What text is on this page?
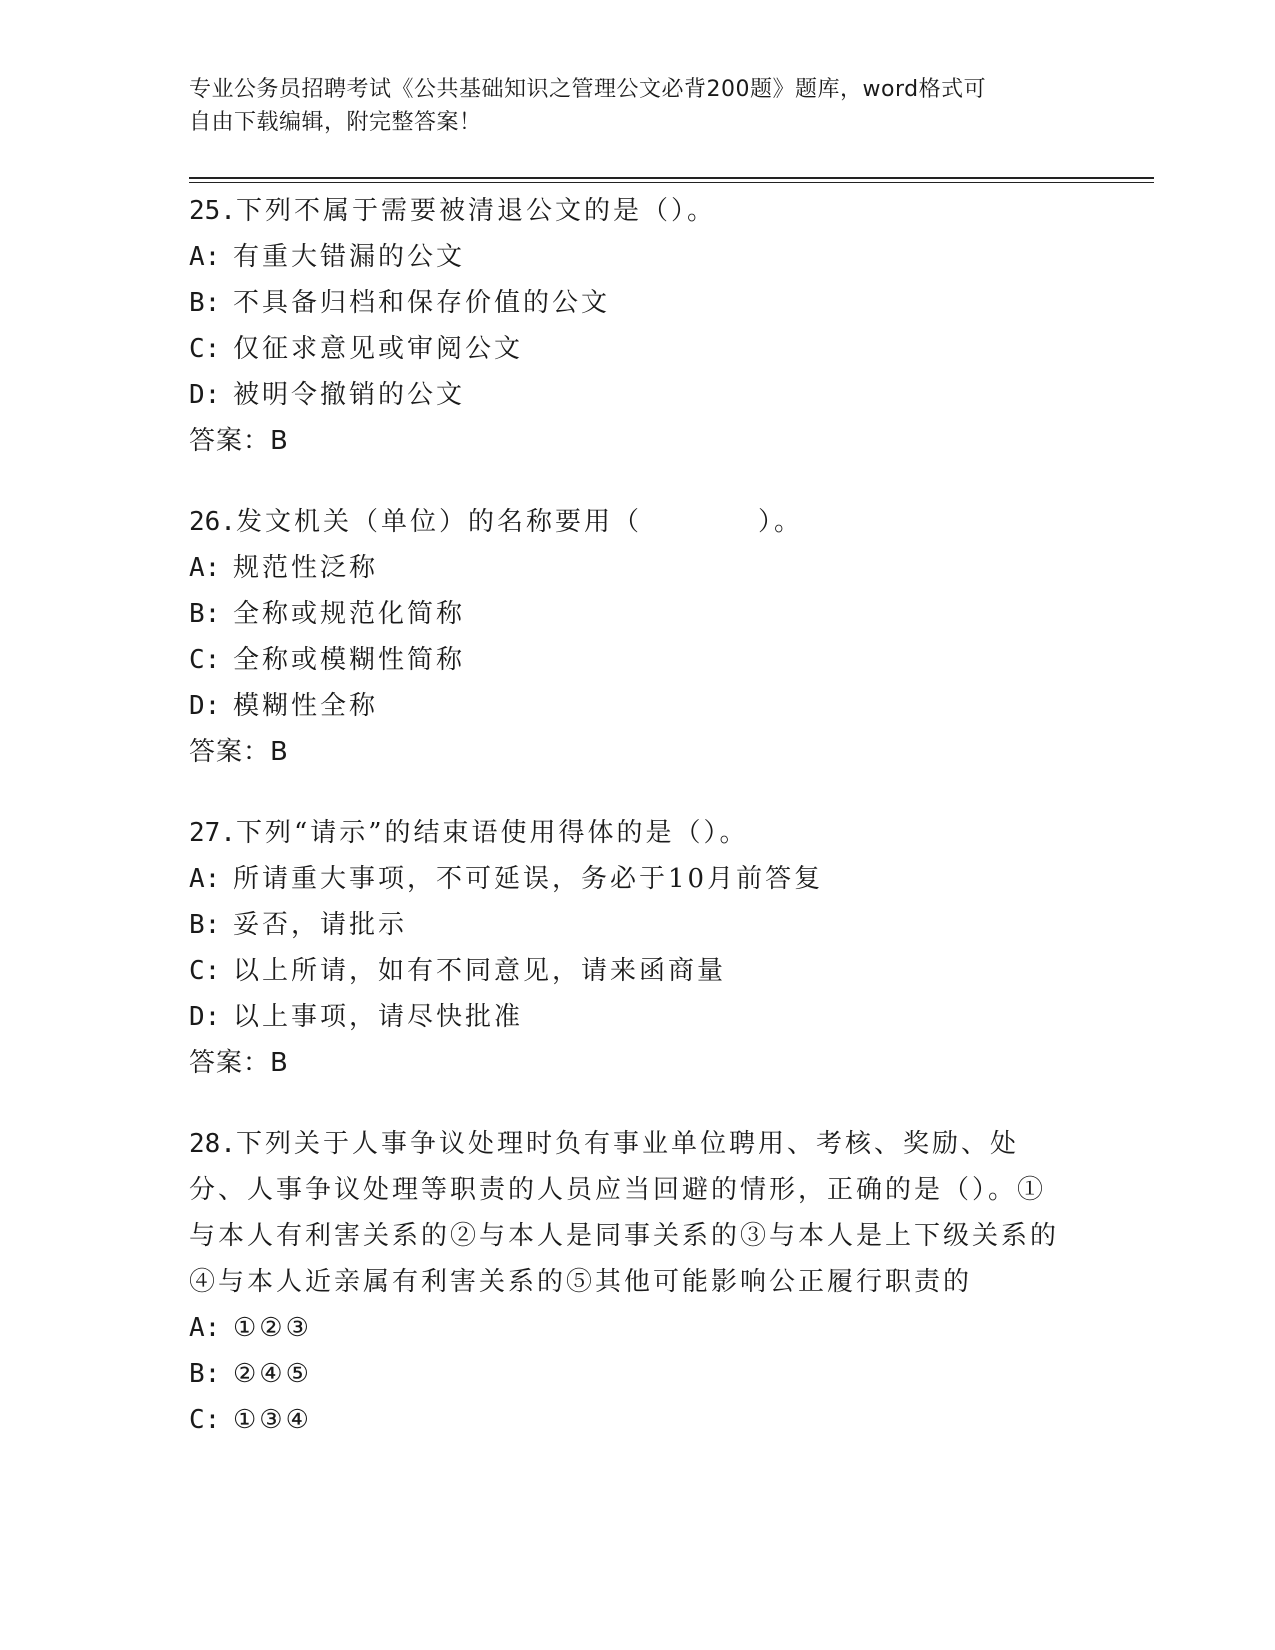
专业公务员招聘考试《公共基础知识之管理公文必背200题》题库，word格式可
自由下载编辑，附完整答案！
25.下列不属于需要被清退公文的是（）。
A: 有重大错漏的公文
B: 不具备归档和保存价值的公文
C: 仅征求意见或审阅公文
D: 被明令撤销的公文
答案：B
26.发文机关（单位）的名称要用（　　　　）。
A: 规范性泛称
B: 全称或规范化简称
C: 全称或模糊性简称
D: 模糊性全称
答案：B
27.下列“请示”的结束语使用得体的是（）。
A: 所请重大事项，不可延误，务必于10月前答复
B: 妥否，请批示
C: 以上所请，如有不同意见，请来函商量
D: 以上事项，请尽快批准
答案：B
28.下列关于人事争议处理时负有事业单位聘用、考核、奖励、处分、人事争议处理等职责的人员应当回避的情形，正确的是（）。①与本人有利害关系的②与本人是同事关系的③与本人是上下级关系的④与本人近亲属有利害关系的⑤其他可能影响公正履行职责的
A: ①②③
B: ②④⑤
C: ①③④
